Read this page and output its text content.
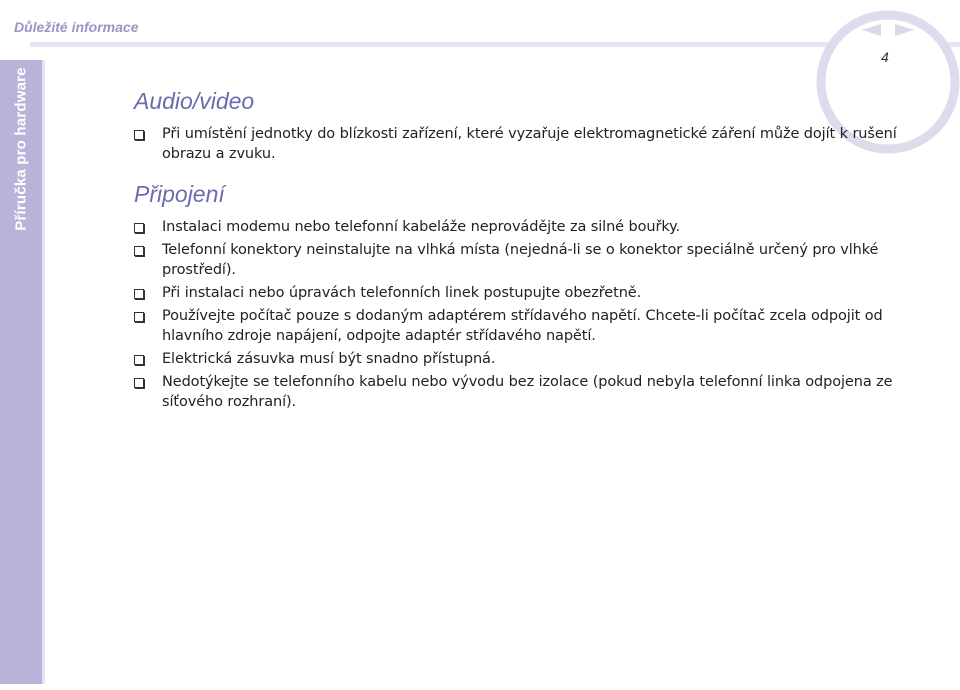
Důležité informace
Příručka pro hardware
4
Audio/video
Při umístění jednotky do blízkosti zařízení, které vyzařuje elektromagnetické záření může dojít k rušení obrazu a zvuku.
Připojení
Instalaci modemu nebo telefonní kabeláže neprovádějte za silné bouřky.
Telefonní konektory neinstalujte na vlhká místa (nejedná-li se o konektor speciálně určený pro vlhké prostředí).
Při instalaci nebo úpravách telefonních linek postupujte obezřetně.
Používejte počítač pouze s dodaným adaptérem střídavého napětí. Chcete-li počítač zcela odpojit od hlavního zdroje napájení, odpojte adaptér střídavého napětí.
Elektrická zásuvka musí být snadno přístupná.
Nedotýkejte se telefonního kabelu nebo vývodu bez izolace (pokud nebyla telefonní linka odpojena ze síťového rozhraní).
